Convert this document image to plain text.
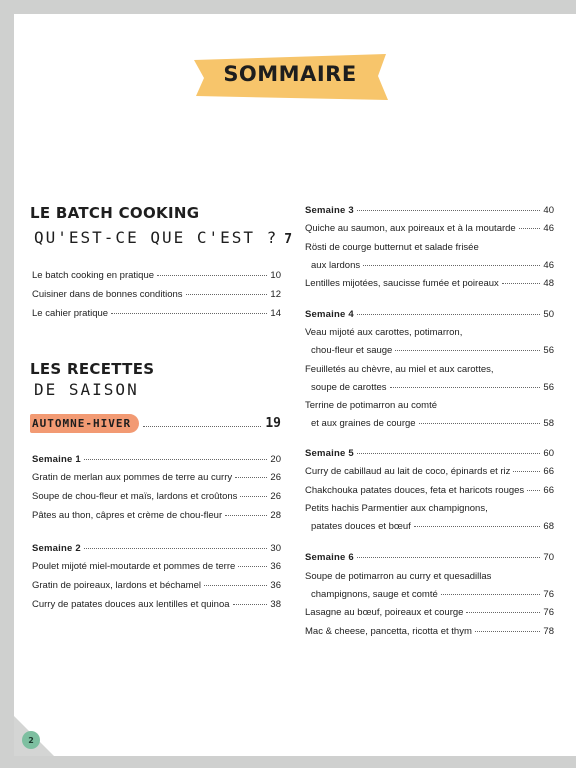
2
SOMMAIRE
LE BATCH COOKING
QU'EST-CE QUE C'EST ? 7
Le batch cooking en pratique	10
Cuisiner dans de bonnes conditions	12
Le cahier pratique	14
LES RECETTES
DE SAISON
AUTOMNE-HIVER	19
Semaine 1	20
Gratin de merlan aux pommes de terre au curry	26
Soupe de chou-fleur et maïs, lardons et croûtons	26
Pâtes au thon, câpres et crème de chou-fleur	28
Semaine 2	30
Poulet mijoté miel-moutarde et pommes de terre	36
Gratin de poireaux, lardons et béchamel	36
Curry de patates douces aux lentilles et quinoa	38
Semaine 3	40
Quiche au saumon, aux poireaux et à la moutarde	46
Rösti de courge butternut et salade frisée
aux lardons	46
Lentilles mijotées, saucisse fumée et poireaux	48
Semaine 4	50
Veau mijoté aux carottes, potimarron,
chou-fleur et sauge	56
Feuilletés au chèvre, au miel et aux carottes,
soupe de carottes	56
Terrine de potimarron au comté
et aux graines de courge	58
Semaine 5	60
Curry de cabillaud au lait de coco, épinards et riz	66
Chakchouka patates douces, feta et haricots rouges 66
Petits hachis Parmentier aux champignons,
patates douces et bœuf	68
Semaine 6	70
Soupe de potimarron au curry et quesadillas
champignons, sauge et comté	76
Lasagne au bœuf, poireaux et courge	76
Mac & cheese, pancetta, ricotta et thym	78
